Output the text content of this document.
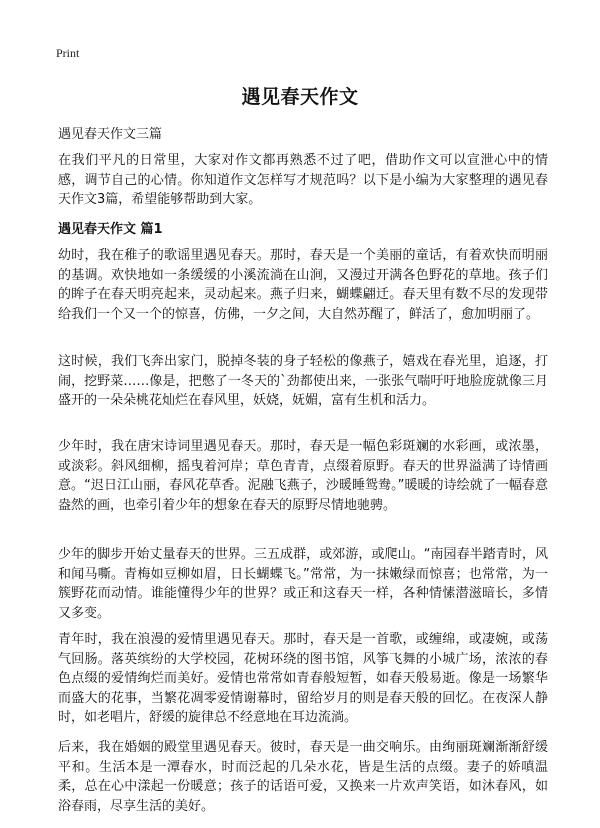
Print
遇见春天作文
遇见春天作文三篇
在我们平凡的日常里，大家对作文都再熟悉不过了吧，借助作文可以宣泄心中的情感，调节自己的心情。你知道作文怎样写才规范吗？以下是小编为大家整理的遇见春天作文3篇，希望能够帮助到大家。
遇见春天作文 篇1
幼时，我在稚子的歌谣里遇见春天。那时，春天是一个美丽的童话，有着欢快而明丽的基调。欢快地如一条缓缓的小溪流淌在山涧，又漫过开满各色野花的草地。孩子们的眸子在春天明亮起来，灵动起来。燕子归来，蝴蝶翩迁。春天里有数不尽的发现带给我们一个又一个的惊喜，仿佛，一夕之间，大自然苏醒了，鲜活了，愈加明丽了。
这时候，我们飞奔出家门，脱掉冬装的身子轻松的像燕子，嬉戏在春光里，追逐，打闹，挖野菜……像是，把憋了一冬天的`劲都使出来，一张张气喘吁吁地脸庞就像三月盛开的一朵朵桃花灿烂在春风里，妖娆，妩媚，富有生机和活力。
少年时，我在唐宋诗词里遇见春天。那时，春天是一幅色彩斑斓的水彩画，或浓墨，或淡彩。斜风细柳，摇曳着河岸；草色青青，点缀着原野。春天的世界溢满了诗情画意。“迟日江山丽，春风花草香。泥融飞燕子，沙暖睡鸳鸯。”暖暖的诗绘就了一幅春意盎然的画，也牵引着少年的想象在春天的原野尽情地驰骋。
少年的脚步开始丈量春天的世界。三五成群，或郊游，或爬山。“南园春半踏青时，风和闻马嘶。青梅如豆柳如眉，日长蝴蝶飞。”常常，为一抹嫩绿而惊喜；也常常，为一簇野花而动情。谁能懂得少年的世界？或正和这春天一样，各种情愫潜滋暗长，多情又多变。
青年时，我在浪漫的爱情里遇见春天。那时，春天是一首歌，或缠绵，或凄婉，或荡气回肠。落英缤纷的大学校园，花树环绕的图书馆，风筝飞舞的小城广场，浓浓的春色点缀的爱情绚烂而美好。爱情也常常如青春般短暂，如春天般易逝。像是一场繁华而盛大的花事，当繁花凋零爱情谢幕时，留给岁月的则是春天般的回忆。在夜深人静时，如老唱片，舒缓的旋律总不经意地在耳边流淌。
后来，我在婚姻的殿堂里遇见春天。彼时，春天是一曲交响乐。由绚丽斑斓渐渐舒缓平和。生活本是一潭春水，时而泛起的几朵水花，皆是生活的点缀。妻子的娇嗔温柔，总在心中漾起一份暖意；孩子的话语可爱，又换来一片欢声笑语，如沐春风，如浴春雨，尽享生活的美好。
